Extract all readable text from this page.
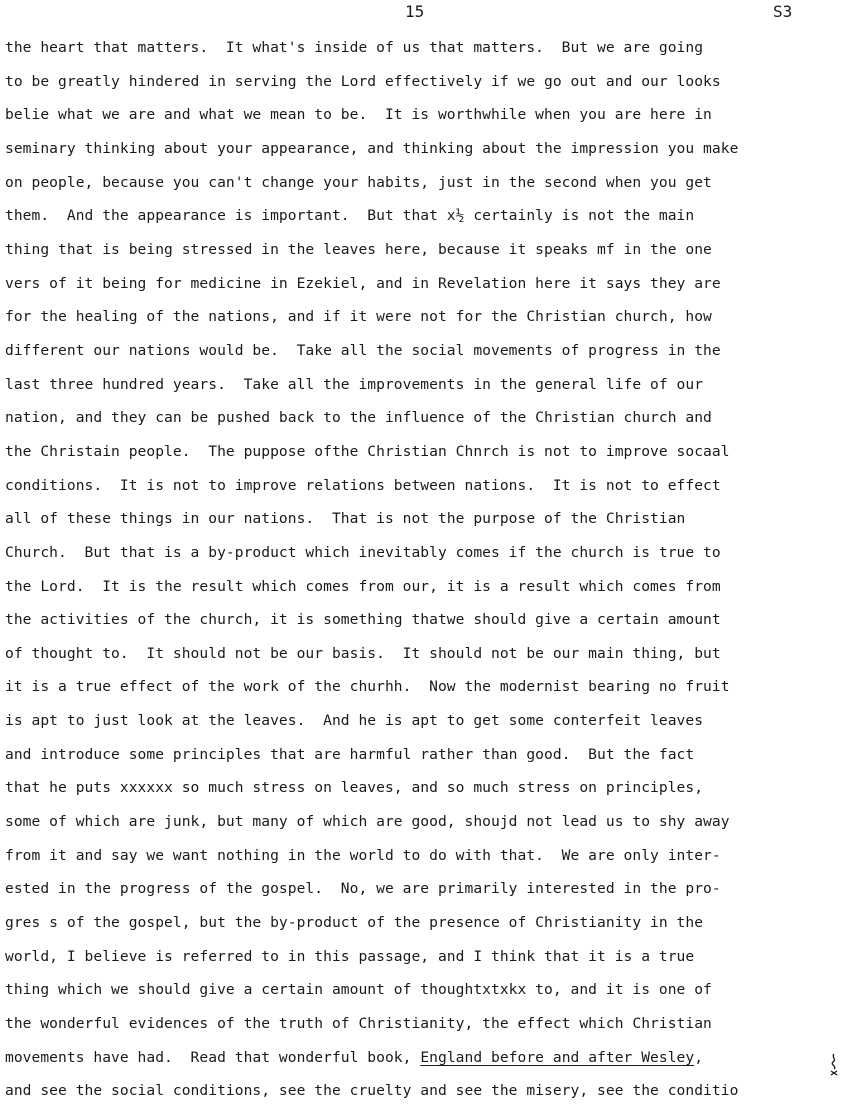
15	S3
the heart that matters.  It what's inside of us that matters.  But we are going
to be greatly hindered in serving the Lord effectively if we go out and our looks
belie what we are and what we mean to be.  It is worthwhile when you are here in
seminary thinking about your appearance, and thinking about the impression you make
on people, because you can't change your habits, just in the second when you get
them.  And the appearance is important.  But that x½ certainly is not the main
thing that is being stressed in the leaves here, because it speaks mf in the one
vers of it being for medicine in Ezekiel, and in Revelation here it says they are
for the healing of the nations, and if it were not for the Christian church, how
different our nations would be.  Take all the social movements of progress in the
last three hundred years.  Take all the improvements in the general life of our
nation, and they can be pushed back to the influence of the Christian church and
the Christain people.  The puppose ofthe Christian Chnrch is not to improve socaal
conditions.  It is not to improve relations between nations.  It is not to effect
all of these things in our nations.  That is not the purpose of the Christian
Church.  But that is a by-product which inevitably comes if the church is true to
the Lord.  It is the result which comes from our, it is a result which comes from
the activities of the church, it is something thatwe should give a certain amount
of thought to.  It should not be our basis.  It should not be our main thing, but
it is a true effect of the work of the churhh.  Now the modernist bearing no fruit
is apt to just look at the leaves.  And he is apt to get some conterfeit leaves
and introduce some principles that are harmful rather than good.  But the fact
that he puts xxxxxx so much stress on leaves, and so much stress on principles,
some of which are junk, but many of which are good, shoujd not lead us to shy away
from it and say we want nothing in the world to do with that.  We are only inter-
ested in the progress of the gospel.  No, we are primarily interested in the pro-
gres s of the gospel, but the by-product of the presence of Christianity in the
world, I believe is referred to in this passage, and I think that it is a true
thing which we should give a certain amount of thoughtxtxkx to, and it is one of
the wonderful evidences of the truth of Christianity, the effect which Christian
movements have had.  Read that wonderful book, England before and after Wesley,
and see the social conditions, see the cruelty and see the misery, see the conditio
